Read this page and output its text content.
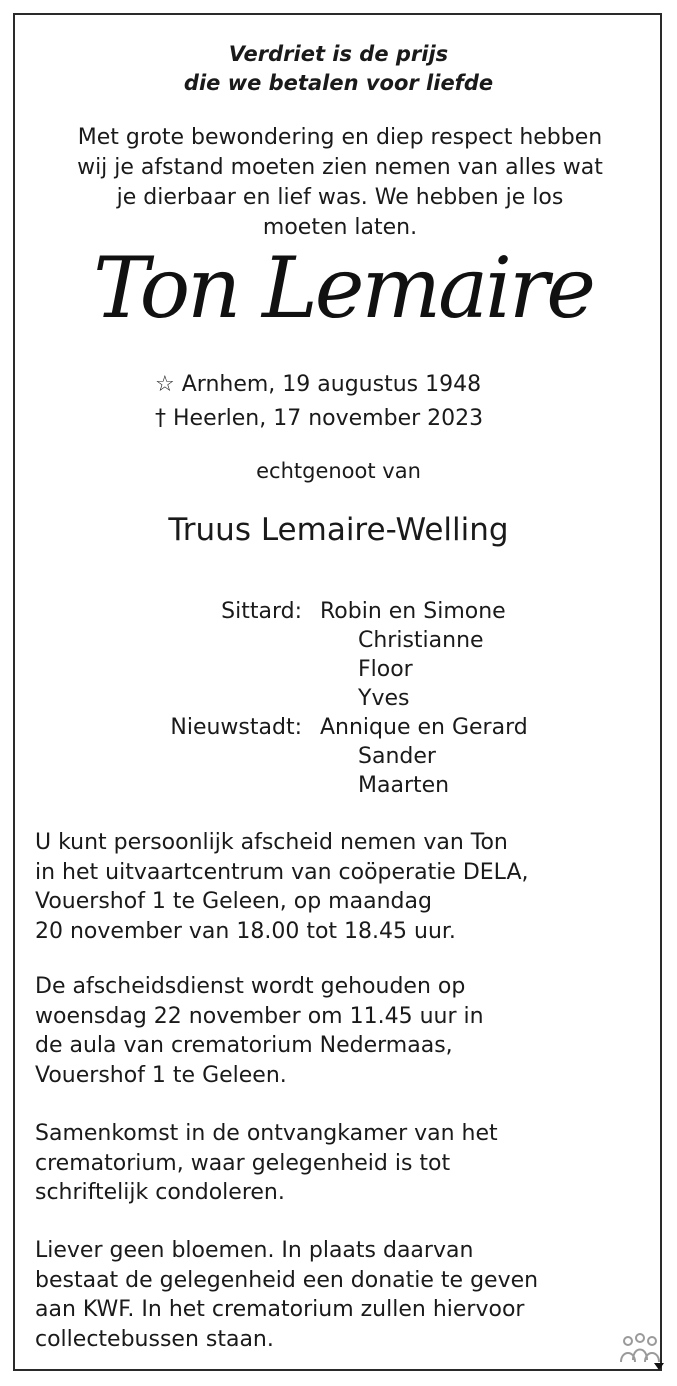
Verdriet is de prijs
die we betalen voor liefde
Met grote bewondering en diep respect hebben
wij je afstand moeten zien nemen van alles wat
je dierbaar en lief was. We hebben je los
moeten laten.
Ton Lemaire
☆ Arnhem, 19 augustus 1948
† Heerlen, 17 november 2023
echtgenoot van
Truus Lemaire-Welling
Sittard: Robin en Simone
Christianne
Floor
Yves
Nieuwstadt: Annique en Gerard
Sander
Maarten
U kunt persoonlijk afscheid nemen van Ton
in het uitvaartcentrum van coöperatie DELA,
Vouershof 1 te Geleen, op maandag
20 november van 18.00 tot 18.45 uur.
De afscheidsdienst wordt gehouden op
woensdag 22 november om 11.45 uur in
de aula van crematorium Nedermaas,
Vouershof 1 te Geleen.
Samenkomst in de ontvangkamer van het
crematorium, waar gelegenheid is tot
schriftelijk condoleren.
Liever geen bloemen. In plaats daarvan
bestaat de gelegenheid een donatie te geven
aan KWF. In het crematorium zullen hiervoor
collectebussen staan.
